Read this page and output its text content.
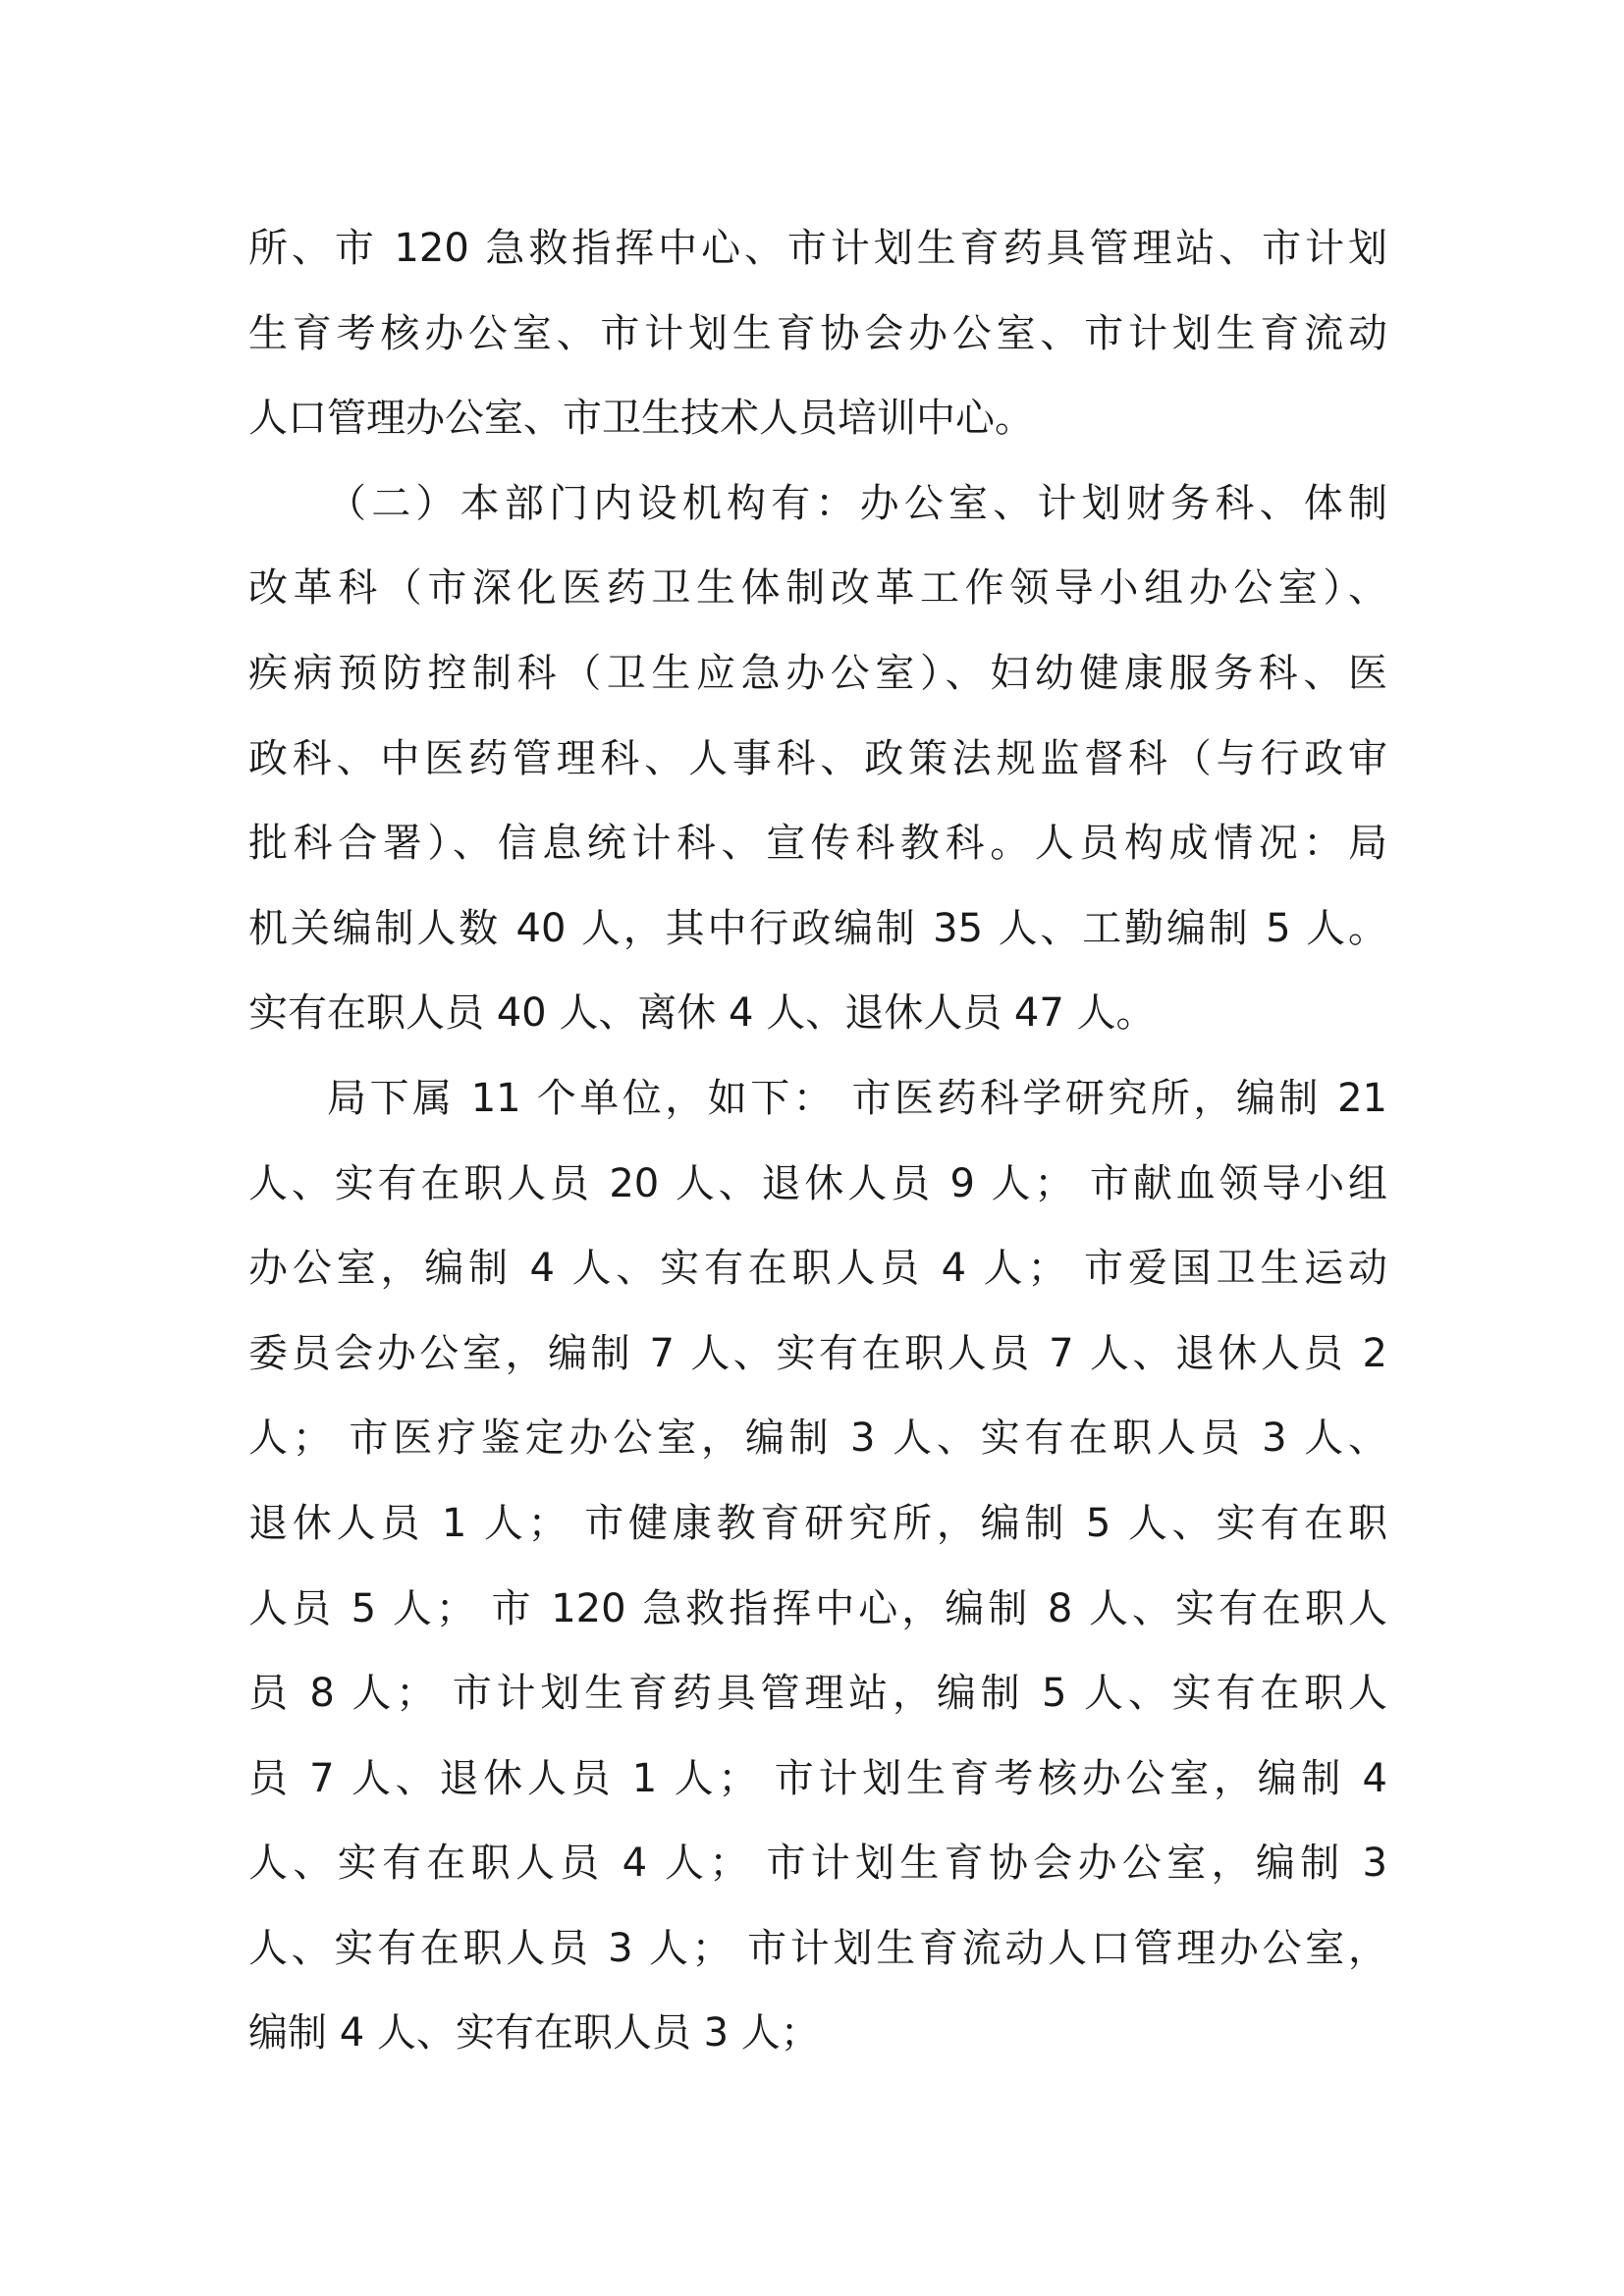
所、市 120 急救指挥中心、市计划生育药具管理站、市计划
生育考核办公室、市计划生育协会办公室、市计划生育流动
人口管理办公室、市卫生技术人员培训中心。
（二）本部门内设机构有：办公室、计划财务科、体制
改革科（市深化医药卫生体制改革工作领导小组办公室）、
疾病预防控制科（卫生应急办公室）、妇幼健康服务科、医
政科、中医药管理科、人事科、政策法规监督科（与行政审
批科合署）、信息统计科、宣传科教科。人员构成情况：局
机关编制人数 40 人，其中行政编制 35 人、工勤编制 5 人。
实有在职人员 40 人、离休 4 人、退休人员 47 人。
局下属 11 个单位，如下： 市医药科学研究所，编制 21
人、实有在职人员 20 人、退休人员 9 人； 市献血领导小组
办公室，编制 4 人、实有在职人员 4 人； 市爱国卫生运动
委员会办公室，编制 7 人、实有在职人员 7 人、退休人员 2
人； 市医疗鉴定办公室，编制 3 人、实有在职人员 3 人、
退休人员 1 人； 市健康教育研究所，编制 5 人、实有在职
人员 5 人； 市 120 急救指挥中心，编制 8 人、实有在职人
员 8 人； 市计划生育药具管理站，编制 5 人、实有在职人
员 7 人、退休人员 1 人； 市计划生育考核办公室，编制 4
人、实有在职人员 4 人； 市计划生育协会办公室，编制 3
人、实有在职人员 3 人； 市计划生育流动人口管理办公室，
编制 4 人、实有在职人员 3 人；
